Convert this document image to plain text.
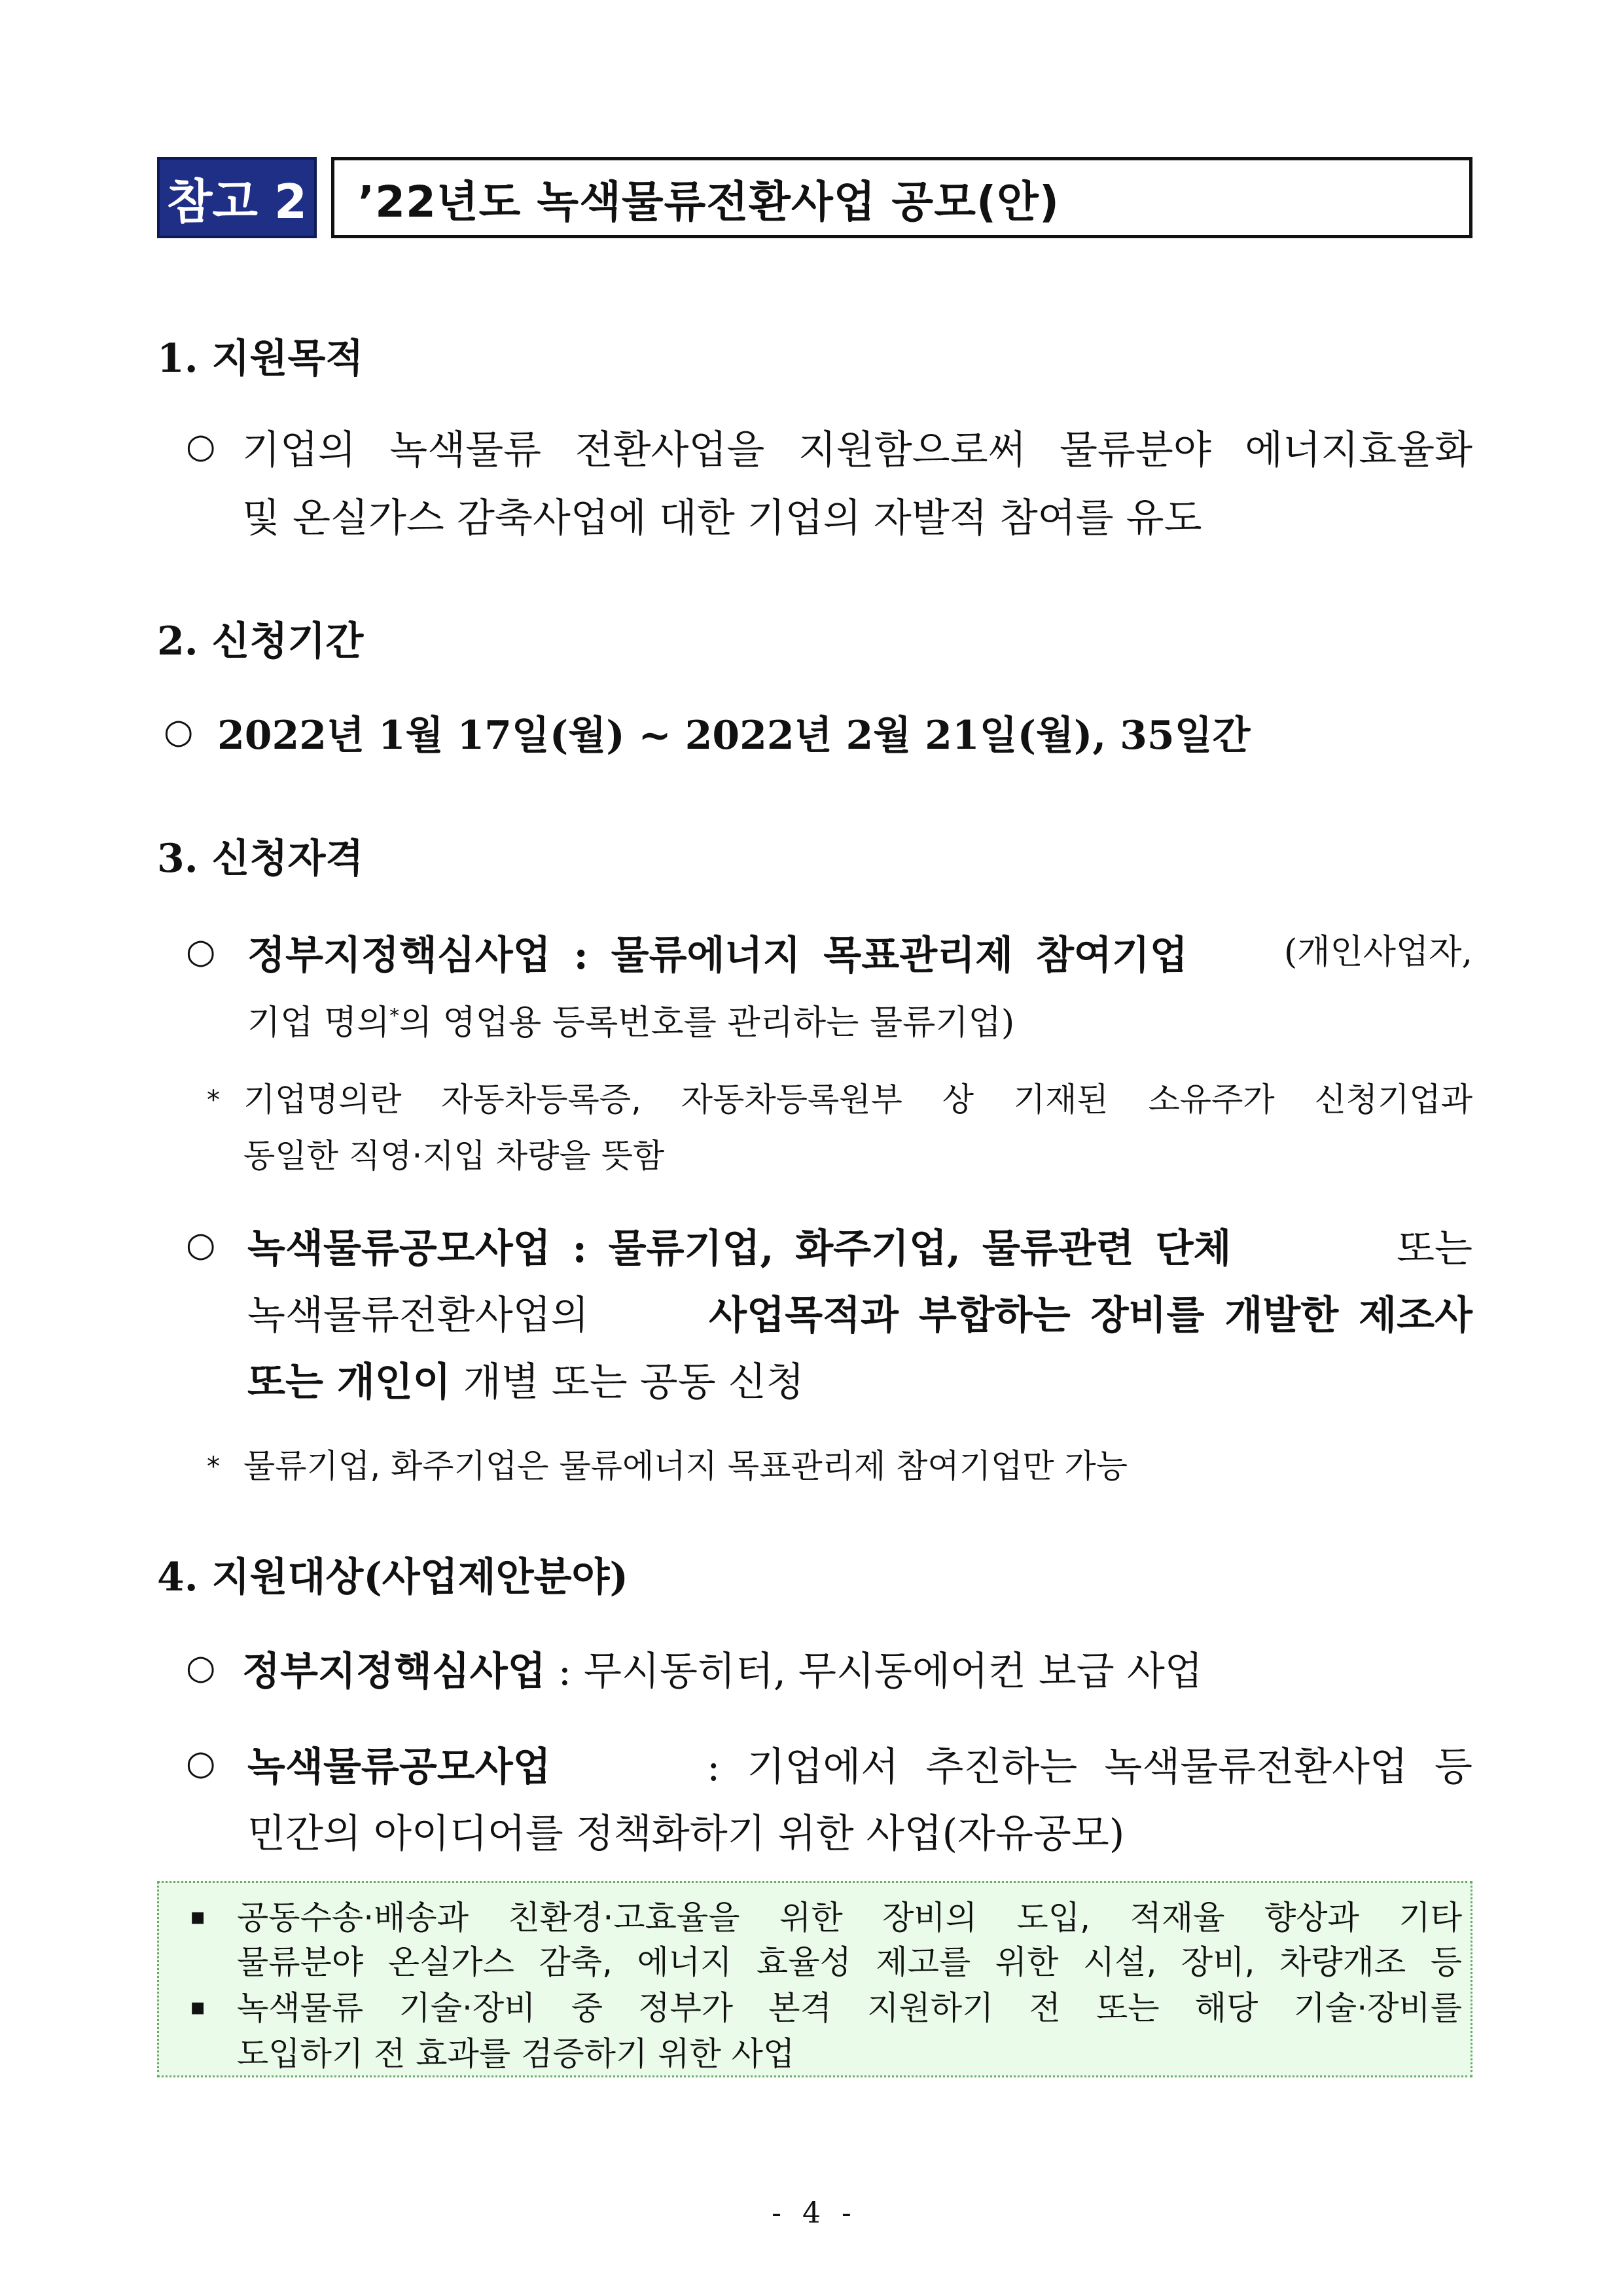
참고 2 ’22년도 녹색물류전환사업 공모(안)
1. 지원목적
○ 기업의 녹색물류 전환사업을 지원함으로써 물류분야 에너지효율화
및 온실가스 감축사업에 대한 기업의 자발적 참여를 유도
2. 신청기간
○ 2022년 1월 17일(월) ~ 2022년 2월 21일(월), 35일간
3. 신청자격
○ 정부지정핵심사업 : 물류에너지 목표관리제 참여기업	(개인사업자,
기업 명의*의 영업용 등록번호를 관리하는 물류기업)
* 기업명의란 자동차등록증, 자동차등록원부 상 기재된 소유주가 신청기업과
동일한 직영·지입 차량을 뜻함
○ 녹색물류공모사업 : 물류기업, 화주기업, 물류관련 단체	또는
녹색물류전환사업의	사업목적과 부합하는 장비를 개발한 제조사
또는 개인이 개별 또는 공동 신청
* 물류기업, 화주기업은 물류에너지 목표관리제 참여기업만 가능
4. 지원대상(사업제안분야)
○ 정부지정핵심사업 : 무시동히터, 무시동에어컨 보급 사업
○ 녹색물류공모사업	: 기업에서 추진하는 녹색물류전환사업 등
민간의 아이디어를 정책화하기 위한 사업(자유공모)
▪ 공동수송·배송과 친환경·고효율을 위한 장비의 도입, 적재율 향상과 기타
물류분야 온실가스 감축, 에너지 효율성 제고를 위한 시설, 장비, 차량개조 등
▪ 녹색물류 기술·장비 중 정부가 본격 지원하기 전 또는 해당 기술·장비를
도입하기 전 효과를 검증하기 위한 사업
- 4 -
